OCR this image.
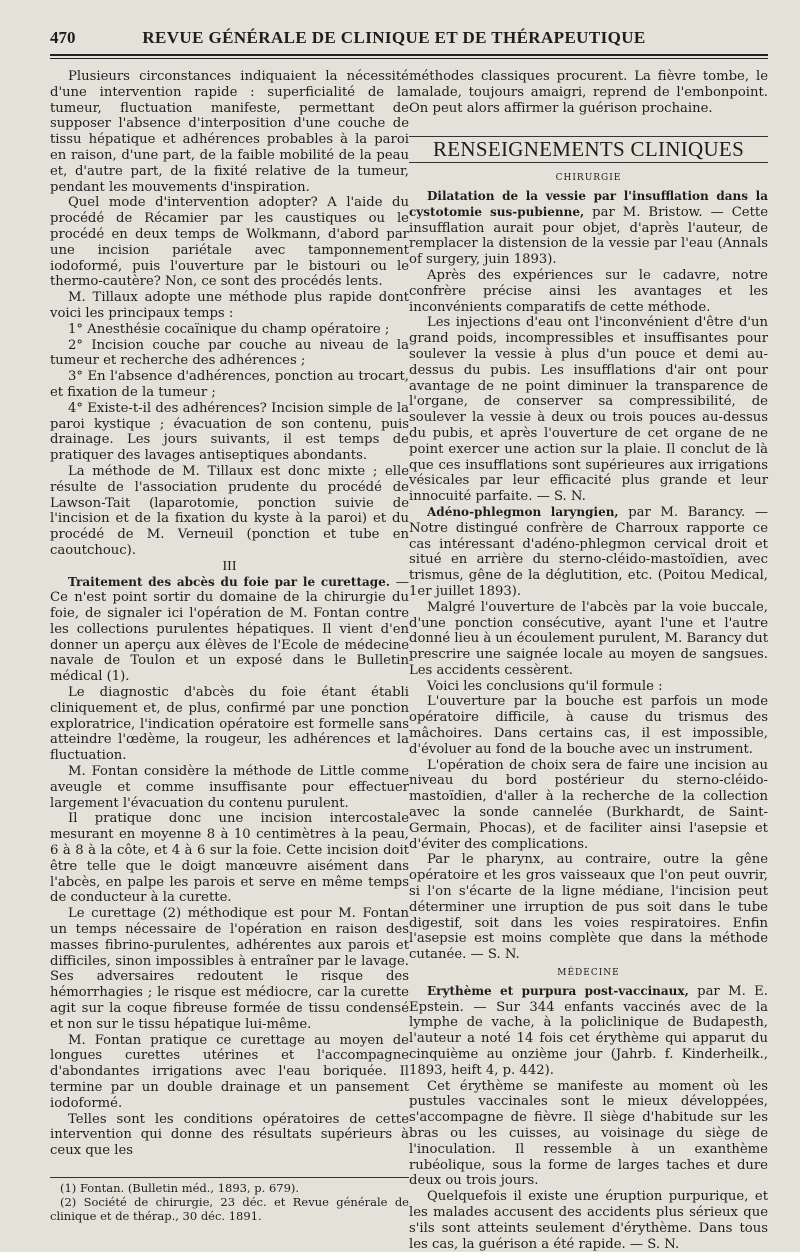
470	REVUE GÉNÉRALE DE CLINIQUE ET DE THÉRAPEUTIQUE

Plusieurs circonstances indiquaient la nécessité d'une intervention rapide : superficialité de la tumeur, fluctuation manifeste, permettant de supposer l'absence d'interposition d'une couche de tissu hépatique et adhérences probables à la paroi en raison, d'une part, de la faible mobilité de la peau et, d'autre part, de la fixité relative de la tumeur, pendant les mouvements d'inspiration.

Quel mode d'intervention adopter? A l'aide du procédé de Récamier par les caustiques ou le procédé en deux temps de Wolkmann, d'abord par une incision pariétale avec tamponnement iodoformé, puis l'ouverture par le bistouri ou le thermo-cautère? Non, ce sont des procédés lents.

M. Tillaux adopte une méthode plus rapide dont voici les principaux temps :

1° Anesthésie cocaïnique du champ opératoire ;

2° Incision couche par couche au niveau de la tumeur et recherche des adhérences ;

3° En l'absence d'adhérences, ponction au trocart, et fixation de la tumeur ;

4° Existe-t-il des adhérences? Incision simple de la paroi kystique ; évacuation de son contenu, puis drainage. Les jours suivants, il est temps de pratiquer des lavages antiseptiques abondants.

La méthode de M. Tillaux est donc mixte ; elle résulte de l'association prudente du procédé de Lawson-Tait (laparotomie, ponction suivie de l'incision et de la fixation du kyste à la paroi) et du procédé de M. Verneuil (ponction et tube en caoutchouc).

III

Traitement des abcès du foie par le curettage. — Ce n'est point sortir du domaine de la chirurgie du foie, de signaler ici l'opération de M. Fontan contre les collections purulentes hépatiques. Il vient d'en donner un aperçu aux élèves de l'Ecole de médecine navale de Toulon et un exposé dans le Bulletin médical (1).

Le diagnostic d'abcès du foie étant établi cliniquement et, de plus, confirmé par une ponction exploratrice, l'indication opératoire est formelle sans atteindre l'œdème, la rougeur, les adhérences et la fluctuation.

M. Fontan considère la méthode de Little comme aveugle et comme insuffisante pour effectuer largement l'évacuation du contenu purulent.

Il pratique donc une incision intercostale mesurant en moyenne 8 à 10 centimètres à la peau, 6 à 8 à la côte, et 4 à 6 sur la foie. Cette incision doit être telle que le doigt manœuvre aisément dans l'abcès, en palpe les parois et serve en même temps de conducteur à la curette.

Le curettage (2) méthodique est pour M. Fontan un temps nécessaire de l'opération en raison des masses fibrino-purulentes, adhérentes aux parois et difficiles, sinon impossibles à entraîner par le lavage. Ses adversaires redoutent le risque des hémorrhagies ; le risque est médiocre, car la curette agit sur la coque fibreuse formée de tissu condensé et non sur le tissu hépatique lui-même.

M. Fontan pratique ce curettage au moyen de longues curettes utérines et l'accompagne d'abondantes irrigations avec l'eau boriquée. Il termine par un double drainage et un pansement iodoformé.

Telles sont les conditions opératoires de cette intervention qui donne des résultats supérieurs à ceux que les

(1) Fontan. (Bulletin méd., 1893, p. 679).

(2) Société de chirurgie, 23 déc. et Revue générale de clinique et de thérap., 30 déc. 1891.

méthodes classiques procurent. La fièvre tombe, le malade, toujours amaigri, reprend de l'embonpoint. On peut alors affirmer la guérison prochaine.

RENSEIGNEMENTS CLINIQUES
CHIRURGIE

Dilatation de la vessie par l'insufflation dans la cystotomie sus-pubienne, par M. Bristow. — Cette insufflation aurait pour objet, d'après l'auteur, de remplacer la distension de la vessie par l'eau (Annals of surgery, juin 1893).

Après des expériences sur le cadavre, notre confrère précise ainsi les avantages et les inconvénients comparatifs de cette méthode.

Les injections d'eau ont l'inconvénient d'être d'un grand poids, incompressibles et insuffisantes pour soulever la vessie à plus d'un pouce et demi au-dessus du pubis. Les insufflations d'air ont pour avantage de ne point diminuer la transparence de l'organe, de conserver sa compressibilité, de soulever la vessie à deux ou trois pouces au-dessus du pubis, et après l'ouverture de cet organe de ne point exercer une action sur la plaie. Il conclut de là que ces insufflations sont supérieures aux irrigations vésicales par leur efficacité plus grande et leur innocuité parfaite. — S. N.

Adéno-phlegmon laryngien, par M. Barancy. — Notre distingué confrère de Charroux rapporte ce cas intéressant d'adéno-phlegmon cervical droit et situé en arrière du sterno-cléido-mastoïdien, avec trismus, gêne de la déglutition, etc. (Poitou Medical, 1er juillet 1893).

Malgré l'ouverture de l'abcès par la voie buccale, d'une ponction consécutive, ayant l'une et l'autre donné lieu à un écoulement purulent, M. Barancy dut prescrire une saignée locale au moyen de sangsues. Les accidents cessèrent.

Voici les conclusions qu'il formule :

L'ouverture par la bouche est parfois un mode opératoire difficile, à cause du trismus des mâchoires. Dans certains cas, il est impossible, d'évoluer au fond de la bouche avec un instrument.

L'opération de choix sera de faire une incision au niveau du bord postérieur du sterno-cléido-mastoïdien, d'aller à la recherche de la collection avec la sonde cannelée (Burkhardt, de Saint-Germain, Phocas), et de faciliter ainsi l'asepsie et d'éviter des complications.

Par le pharynx, au contraire, outre la gêne opératoire et les gros vaisseaux que l'on peut ouvrir, si l'on s'écarte de la ligne médiane, l'incision peut déterminer une irruption de pus soit dans le tube digestif, soit dans les voies respiratoires. Enfin l'asepsie est moins complète que dans la méthode cutanée. — S. N.

MÉDECINE

Erythème et purpura post-vaccinaux, par M. E. Epstein. — Sur 344 enfants vaccinés avec de la lymphe de vache, à la policlinique de Budapesth, l'auteur a noté 14 fois cet érythème qui apparut du cinquième au onzième jour (Jahrb. f. Kinderheilk., 1893, heift 4, p. 442).

Cet érythème se manifeste au moment où les pustules vaccinales sont le mieux développées, s'accompagne de fièvre. Il siège d'habitude sur les bras ou les cuisses, au voisinage du siège de l'inoculation. Il ressemble à un exanthème rubéolique, sous la forme de larges taches et dure deux ou trois jours.

Quelquefois il existe une éruption purpurique, et les malades accusent des accidents plus sérieux que s'ils sont atteints seulement d'érythème. Dans tous les cas, la guérison a été rapide. — S. N.
